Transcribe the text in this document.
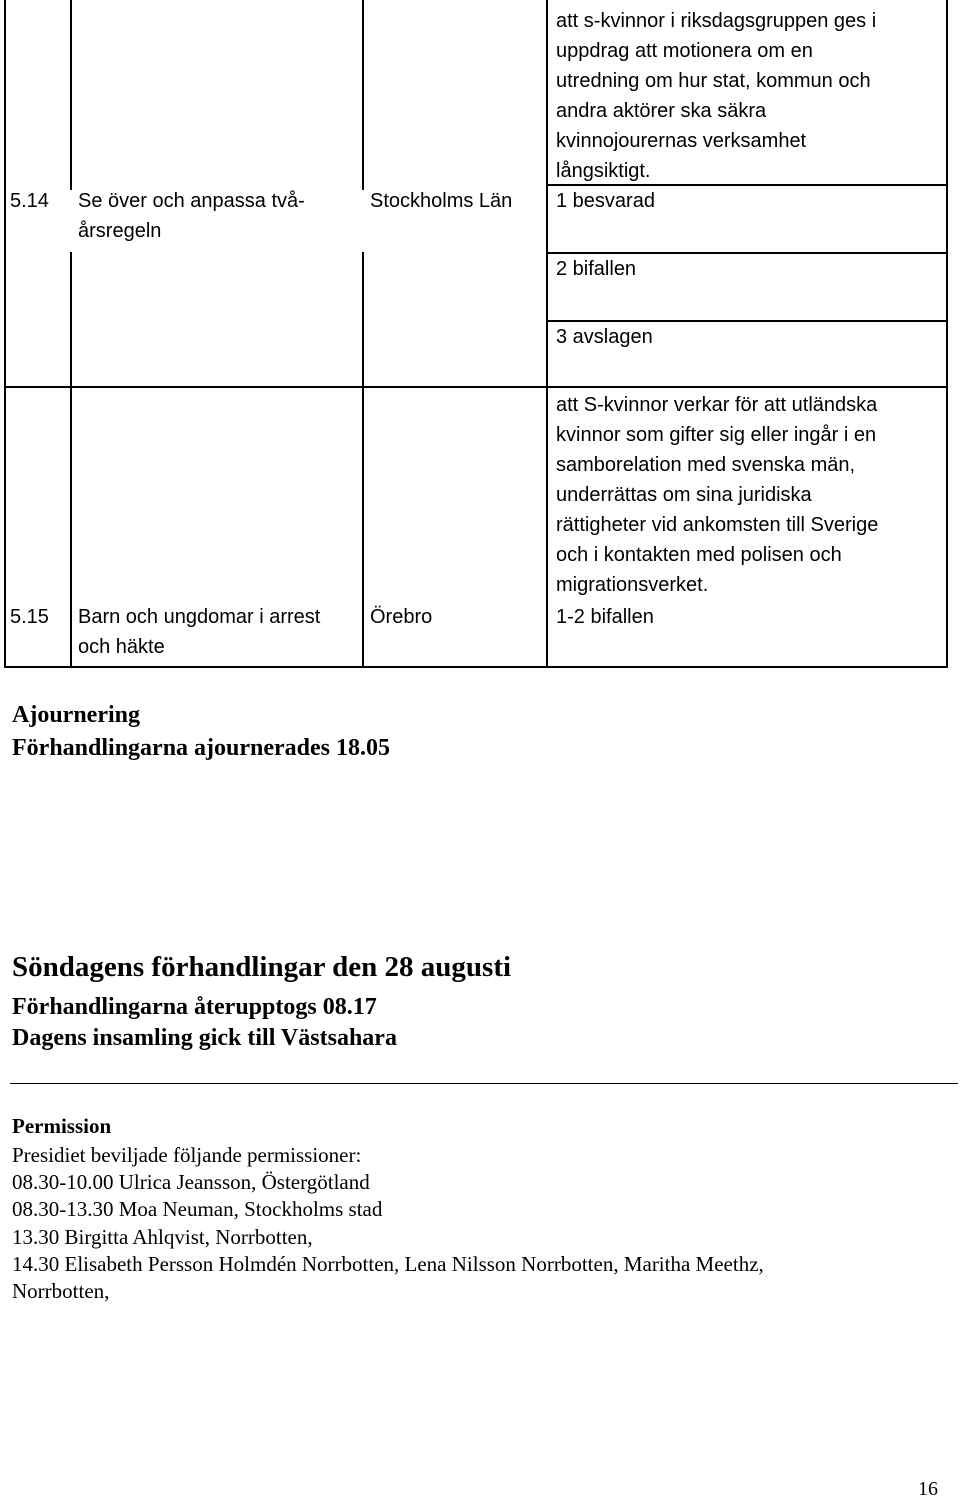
att s-kvinnor i riksdagsgruppen ges i
uppdrag att motionera om en
utredning om hur stat, kommun och
andra aktörer ska säkra
kvinnojourernas verksamhet
långsiktigt.
5.14 Se över och anpassa två-
årsregeln
Stockholms Län 1 besvarad
2 bifallen
3 avslagen
att S-kvinnor verkar för att utländska
kvinnor som gifter sig eller ingår i en
samborelation med svenska män,
underrättas om sina juridiska
rättigheter vid ankomsten till Sverige
och i kontakten med polisen och
migrationsverket.
5.15 Barn och ungdomar i arrest
och häkte
Örebro	1-2 bifallen
Ajournering
Förhandlingarna ajournerades 18.05
Söndagens förhandlingar den 28 augusti
Förhandlingarna återupptogs 08.17
Dagens insamling gick till Västsahara
Permission
Presidiet beviljade följande permissioner:
08.30-10.00 Ulrica Jeansson, Östergötland
08.30-13.30 Moa Neuman, Stockholms stad
13.30 Birgitta Ahlqvist, Norrbotten,
14.30 Elisabeth Persson Holmdén Norrbotten, Lena Nilsson Norrbotten, Maritha Meethz,
Norrbotten,
16
